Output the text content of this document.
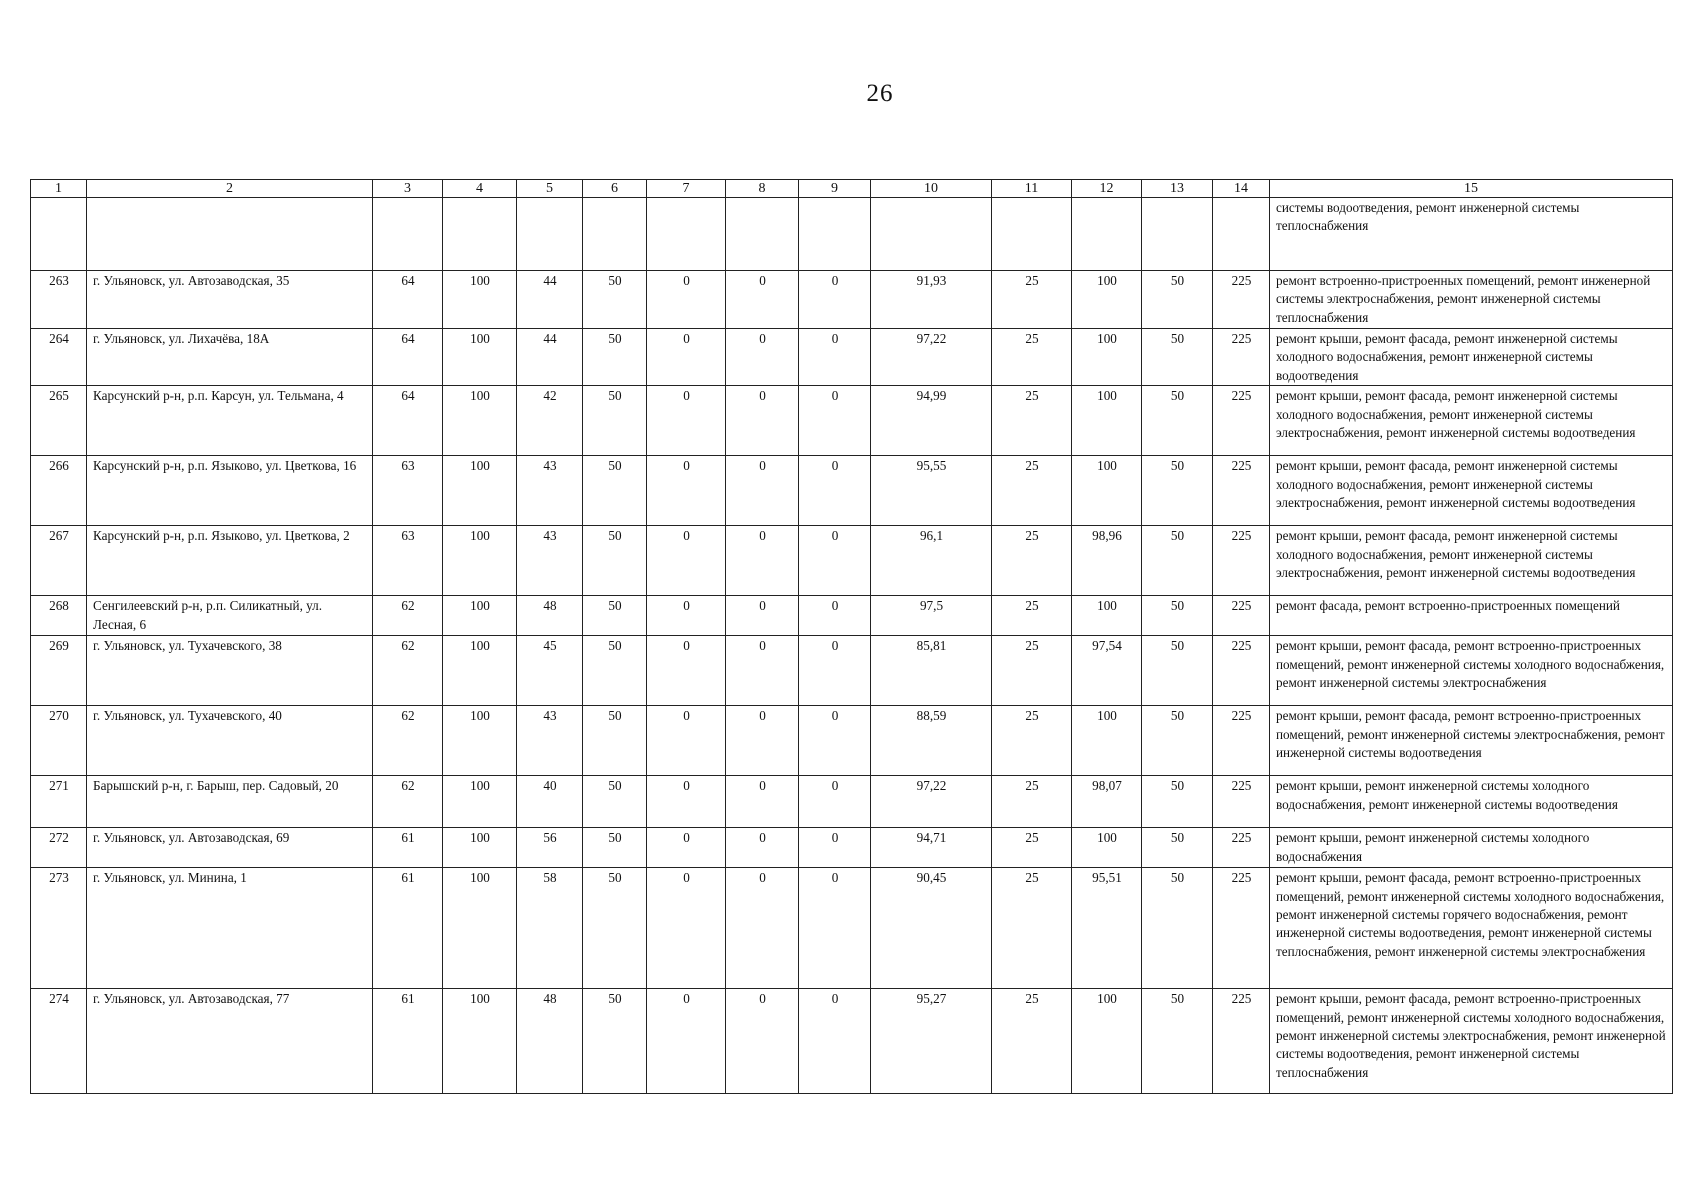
26
1	2	3	4	5	6	7	8	9	10	11	12	13	14	15
														системы водоотведения, ремонт инженерной системы теплоснабжения
263	г. Ульяновск, ул. Автозаводская, 35	64	100	44	50	0	0	0	91,93	25	100	50	225	ремонт встроенно-пристроенных помещений, ремонт инженерной системы электроснабжения, ремонт инженерной системы теплоснабжения
264	г. Ульяновск, ул. Лихачёва, 18А	64	100	44	50	0	0	0	97,22	25	100	50	225	ремонт крыши, ремонт фасада, ремонт инженерной системы холодного водоснабжения, ремонт инженерной системы водоотведения
265	Карсунский р-н, р.п. Карсун, ул. Тельмана, 4	64	100	42	50	0	0	0	94,99	25	100	50	225	ремонт крыши, ремонт фасада, ремонт инженерной системы холодного водоснабжения, ремонт инженерной системы электроснабжения, ремонт инженерной системы водоотведения
266	Карсунский р-н, р.п. Языково, ул. Цветкова, 16	63	100	43	50	0	0	0	95,55	25	100	50	225	ремонт крыши, ремонт фасада, ремонт инженерной системы холодного водоснабжения, ремонт инженерной системы электроснабжения, ремонт инженерной системы водоотведения
267	Карсунский р-н, р.п. Языково, ул. Цветкова, 2	63	100	43	50	0	0	0	96,1	25	98,96	50	225	ремонт крыши, ремонт фасада, ремонт инженерной системы холодного водоснабжения, ремонт инженерной системы электроснабжения, ремонт инженерной системы водоотведения
268	Сенгилеевский р-н, р.п. Силикатный, ул. Лесная, 6	62	100	48	50	0	0	0	97,5	25	100	50	225	ремонт фасада, ремонт встроенно-пристроенных помещений
269	г. Ульяновск, ул. Тухачевского, 38	62	100	45	50	0	0	0	85,81	25	97,54	50	225	ремонт крыши, ремонт фасада, ремонт встроенно-пристроенных помещений, ремонт инженерной системы холодного водоснабжения, ремонт инженерной системы электроснабжения
270	г. Ульяновск, ул. Тухачевского, 40	62	100	43	50	0	0	0	88,59	25	100	50	225	ремонт крыши, ремонт фасада, ремонт встроенно-пристроенных помещений, ремонт инженерной системы электроснабжения, ремонт инженерной системы водоотведения
271	Барышский р-н, г. Барыш, пер. Садовый, 20	62	100	40	50	0	0	0	97,22	25	98,07	50	225	ремонт крыши, ремонт инженерной системы холодного водоснабжения, ремонт инженерной системы водоотведения
272	г. Ульяновск, ул. Автозаводская, 69	61	100	56	50	0	0	0	94,71	25	100	50	225	ремонт крыши, ремонт инженерной системы холодного водоснабжения
273	г. Ульяновск, ул. Минина, 1	61	100	58	50	0	0	0	90,45	25	95,51	50	225	ремонт крыши, ремонт фасада, ремонт встроенно-пристроенных помещений, ремонт инженерной системы холодного водоснабжения, ремонт инженерной системы горячего водоснабжения, ремонт инженерной системы водоотведения, ремонт инженерной системы теплоснабжения, ремонт инженерной системы электроснабжения
274	г. Ульяновск, ул. Автозаводская, 77	61	100	48	50	0	0	0	95,27	25	100	50	225	ремонт крыши, ремонт фасада, ремонт встроенно-пристроенных помещений, ремонт инженерной системы холодного водоснабжения, ремонт инженерной системы электроснабжения, ремонт инженерной системы водоотведения, ремонт инженерной системы теплоснабжения
